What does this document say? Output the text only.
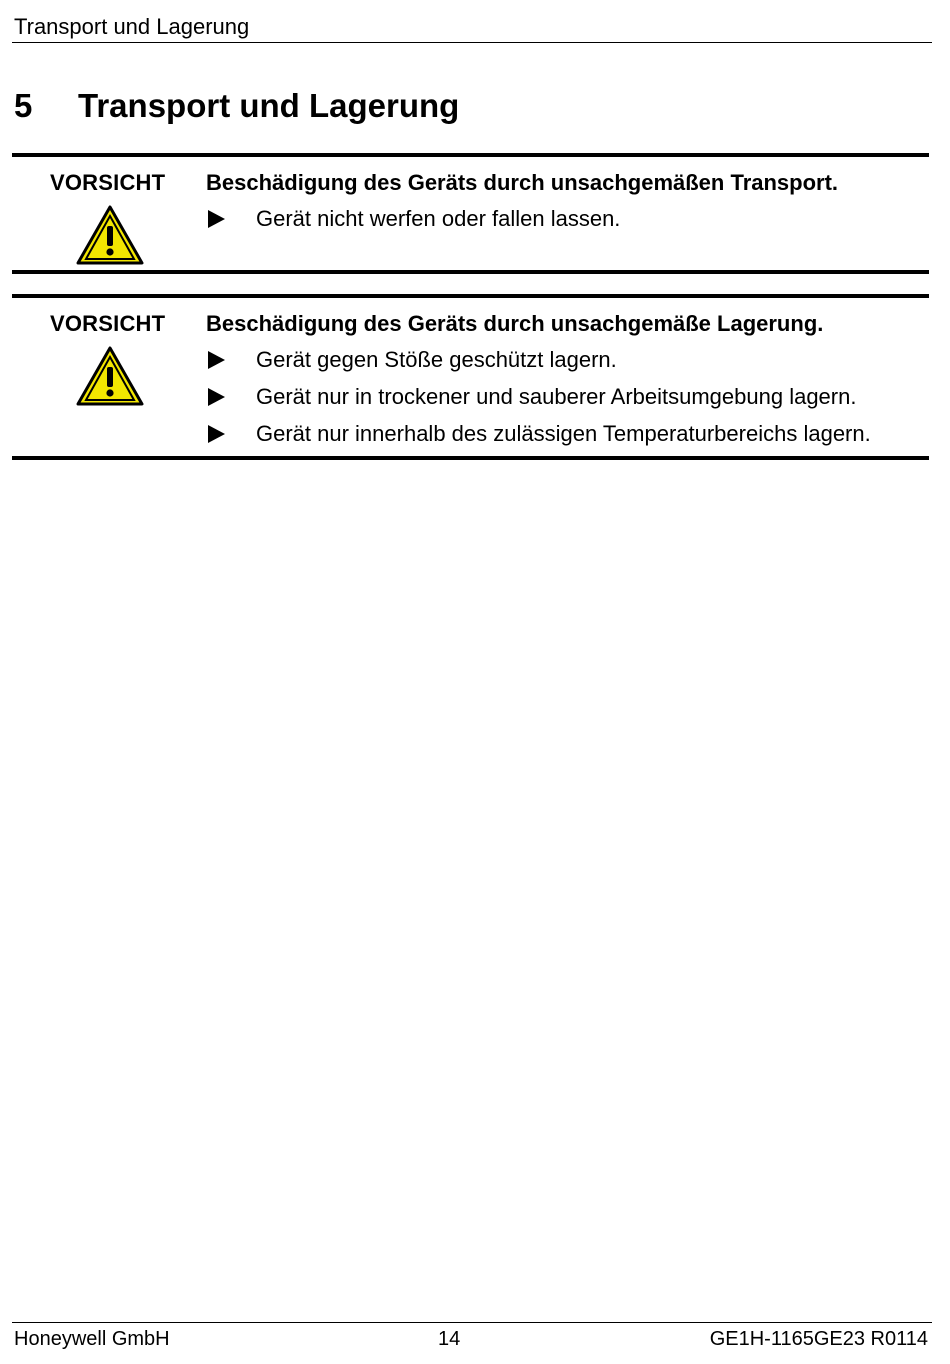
Transport und Lagerung
5 Transport und Lagerung
VORSICHT Beschädigung des Geräts durch unsachgemäßen Transport.
Gerät nicht werfen oder fallen lassen.
VORSICHT Beschädigung des Geräts durch unsachgemäße Lagerung.
Gerät gegen Stöße geschützt lagern.
Gerät nur in trockener und sauberer Arbeitsumgebung lagern.
Gerät nur innerhalb des zulässigen Temperaturbereichs lagern.
Honeywell GmbH	14	GE1H-1165GE23 R0114
